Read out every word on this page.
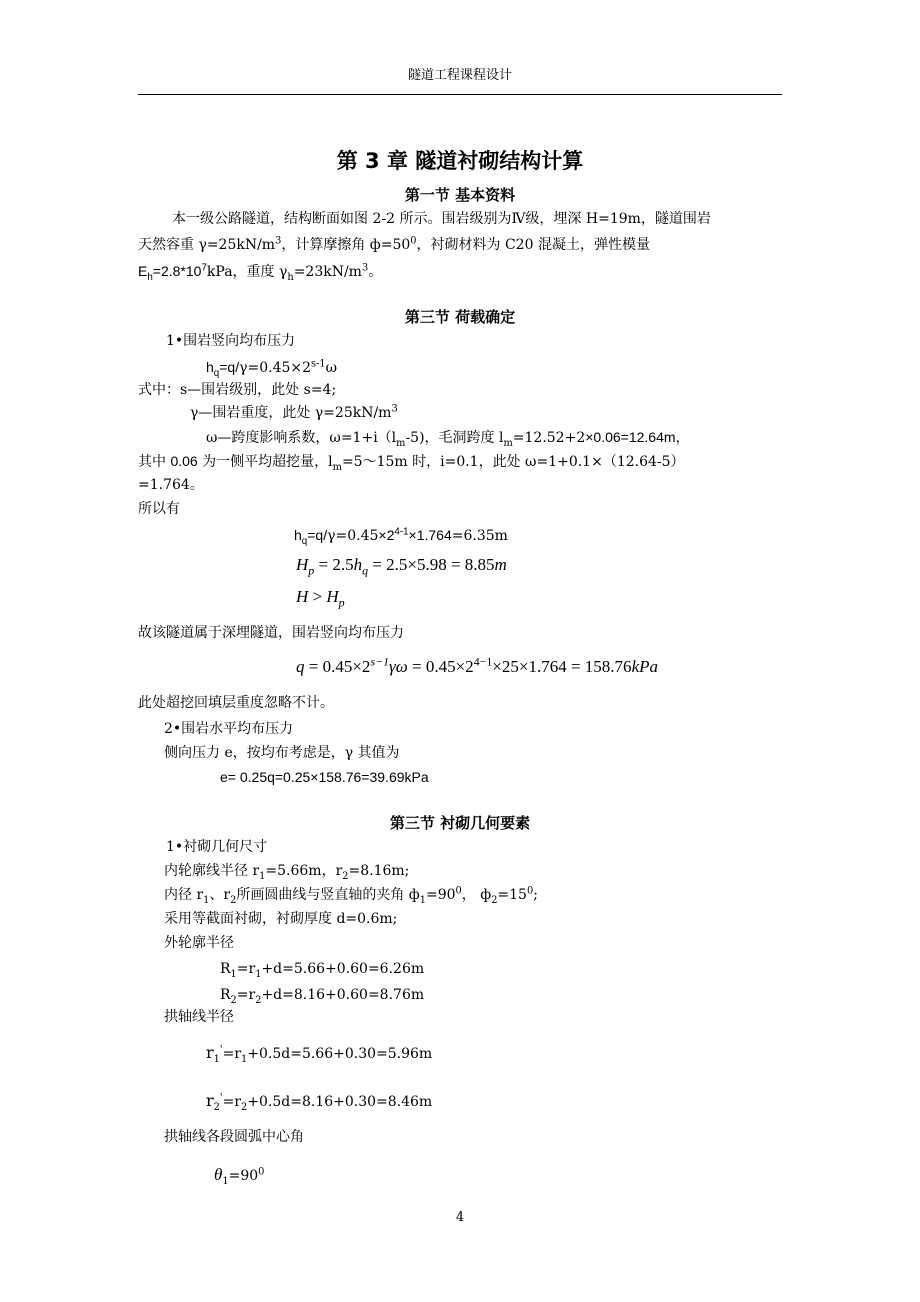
隧道工程课程设计
第 3 章 隧道衬砌结构计算
第一节 基本资料
本一级公路隧道，结构断面如图 2-2 所示。围岩级别为Ⅳ级，埋深 H=19m，隧道围岩
天然容重 $\gamma=25kN/m^3$，计算摩擦角 $ф=50^0$，衬砌材料为 C20 混凝土，弹性模量
$E_h=2.8*10^7kPa$，重度 $\gamma_h=23kN/m^3$。
第三节 荷载确定
1•围岩竖向均布压力
$h_q=q/\gamma=0.45\times 2^{s-1}\omega$
式中：s—围岩级别，此处 s=4;
γ—围岩重度，此处 $\gamma=25kN/m^3$
ω—跨度影响系数，$\omega=1+i(l_m-5)$，毛洞跨度 $l_m=12.52+2\times 0.06=12.64m$，
其中 0.06 为一侧平均超挖量，$l_m=5\sim 15m$ 时，i=0.1，此处 ω=1+0.1×（12.64-5）
=1.764。
所以有
$h_q=q/\gamma=0.45\times 2^{4-1}\times 1.764=6.35m$
$H_p = 2.5h_q = 2.5\times 5.98 = 8.85m$
$H > H_p$
故该隧道属于深埋隧道，围岩竖向均布压力
$q = 0.45\times 2^{s-1}\gamma\omega = 0.45\times 2^{4-1}\times 25\times 1.764 = 158.76kPa$
此处超挖回填层重度忽略不计。
2•围岩水平均布压力
侧向压力 e，按均布考虑是，γ 其值为
e= 0.25q=0.25×158.76=39.69kPa
第三节 衬砌几何要素
1•衬砌几何尺寸
内轮廓线半径 $r_1=5.66m$，$r_2=8.16m$;
内径 $r_1$、$r_2$所画圆曲线与竖直轴的夹角 $ф_1=90^0$， $ф_2=15^0$;
采用等截面衬砌，衬砌厚度 d=0.6m;
外轮廓半径
$R_1=r_1+d=5.66+0.60=6.26m$
$R_2=r_2+d=8.16+0.60=8.76m$
拱轴线半径
$r_1'=r_1+0.5d=5.66+0.30=5.96m$
$r_2'=r_2+0.5d=8.16+0.30=8.46m$
拱轴线各段圆弧中心角
$\theta_1=90^0$
4
